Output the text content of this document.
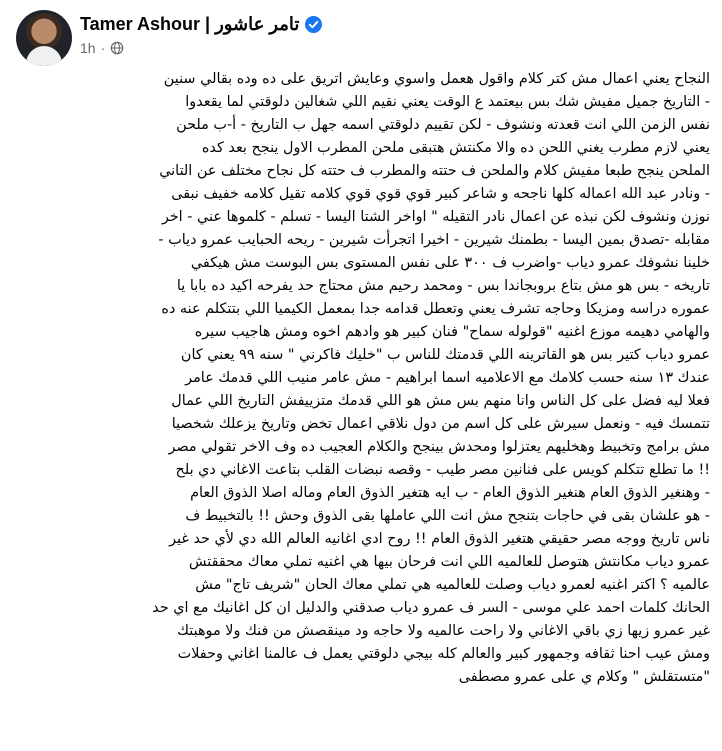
Tamer Ashour | تامر عاشور
1h ·
النجاح يعني اعمال مش كتر كلام واقول هعمل واسوي وعايش اتريق على ده وده بقالي سنين
- التاريخ جميل مفيش شك بس بيعتمد ع الوقت يعني نقيم اللي شغالين دلوقتي لما يقعدوا
نفس الزمن اللي انت قعدته ونشوف - لكن تقييم دلوقتي اسمه جهل ب التاريخ - أ-ب ملحن
يعني لازم مطرب يغني اللحن ده والا مكنتش هتبقى ملحن المطرب الاول ينجح بعد كده
الملحن ينجح طبعا مفيش كلام والملحن ف حتته والمطرب ف حتته كل نجاح مختلف عن التاني
- ونادر عبد الله اعماله كلها ناجحه و شاعر كبير قوي قوي قوي كلامه تقيل كلامه خفيف نبقى
نوزن ونشوف لكن نبذه عن اعمال نادر التقيله " اواخر الشتا اليسا - تسلم - كلموها عني - اخر
مقابله -تصدق بمين اليسا - بطمنك شيرين - اخيرا اتجرأت شيرين - ريحه الحبايب عمرو دياب -
خلينا نشوفك عمرو دياب -واضرب ف ٣٠٠ على نفس المستوى بس البوست مش هيكفي
تاريخه - بس هو مش بتاع بروبجاندا بس - ومحمد رحيم مش محتاج حد يفرحه اكيد ده بابا يا
عموره دراسه ومزيكا وحاجه تشرف يعني وتعطل قدامه جدا بمعمل الكيميا اللي بتتكلم عنه ده
والهامي دهيمه موزع اغنيه "قولوله سماح" فنان كبير هو وادهم اخوه ومش هاجيب سيره
عمرو دياب كتير بس هو القاترينه اللي قدمتك للناس ب "خليك فاكرني " سنه ٩٩ يعني كان
عندك ١٣ سنه حسب كلامك مع الاعلاميه اسما ابراهيم - مش عامر منيب اللي قدمك عامر
فعلا ليه فضل على كل الناس وانا منهم بس مش هو اللي قدمك متزييفش التاريخ اللي عمال
تتمسك فيه - ونعمل سيرش على كل اسم من دول نلاقي اعمال تخض وتاريخ يزعلك شخصيا
مش برامج وتخبيط وهخليهم يعتزلوا ومحدش بينجح والكلام العجيب ده وف الاخر تقولي مصر
!! ما تطلع تتكلم كويس على فنانين مصر طيب - وقصه نبضات القلب بتاعت الاغاني دي بلح
- وهنغير الذوق العام هنغير الذوق العام - ب ايه هتغير الذوق العام وماله اصلا الذوق العام
- هو علشان بقى في حاجات بتنجح مش انت اللي عاملها بقى الذوق وحش !! بالتخبيط ف
ناس تاريخ ووجه مصر حقيقي هتغير الذوق العام !! روح ادي اغانيه العالم الله دي لأي حد غير
عمرو دياب مكانتش هتوصل للعالميه اللي انت فرحان بيها هي اغنيه تملي معاك محققتش
عالميه ؟ اكتر اغنيه لعمرو دياب وصلت للعالميه هي تملي معاك الحان "شريف تاج" مش
الحانك كلمات احمد علي موسى - السر ف عمرو دياب صدقني والدليل ان كل اغانيك مع اي حد
غير عمرو زيها زي باقي الاغاني ولا راحت عالميه ولا حاجه ود مينقصش من فنك ولا موهبتك
ومش عيب احنا ثقافه وجمهور كبير والعالم كله بيجي دلوقتي يعمل ف عالمنا اغاني وحفلات
"متستقلش " وكلام ي على عمرو مصطفى
